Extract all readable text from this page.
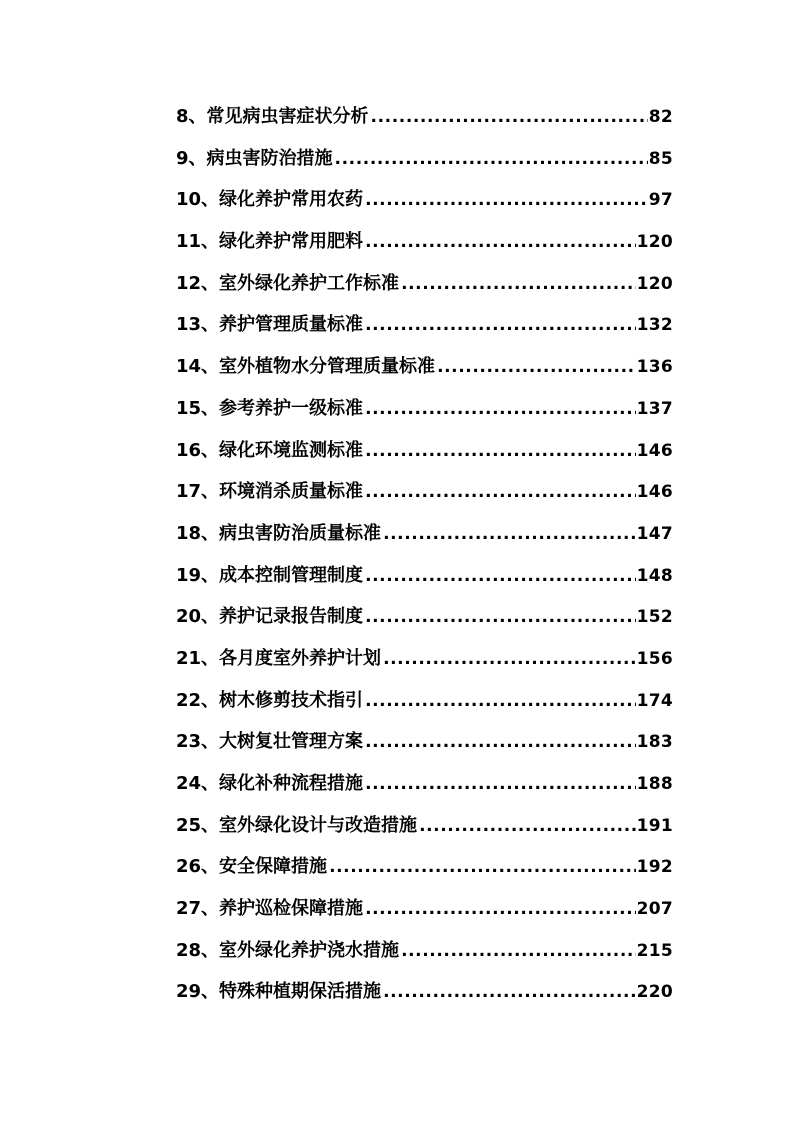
8、常见病虫害症状分析 .....	82
9、病虫害防治措施 .....	85
10、绿化养护常用农药 .....	97
11、绿化养护常用肥料 .....	120
12、室外绿化养护工作标准 .....	120
13、养护管理质量标准 .....	132
14、室外植物水分管理质量标准 .....	136
15、参考养护一级标准 .....	137
16、绿化环境监测标准 .....	146
17、环境消杀质量标准 .....	146
18、病虫害防治质量标准 .....	147
19、成本控制管理制度 .....	148
20、养护记录报告制度 .....	152
21、各月度室外养护计划 .....	156
22、树木修剪技术指引 .....	174
23、大树复壮管理方案 .....	183
24、绿化补种流程措施 .....	188
25、室外绿化设计与改造措施 .....	191
26、安全保障措施 .....	192
27、养护巡检保障措施 .....	207
28、室外绿化养护浇水措施 .....	215
29、特殊种植期保活措施 .....	220
